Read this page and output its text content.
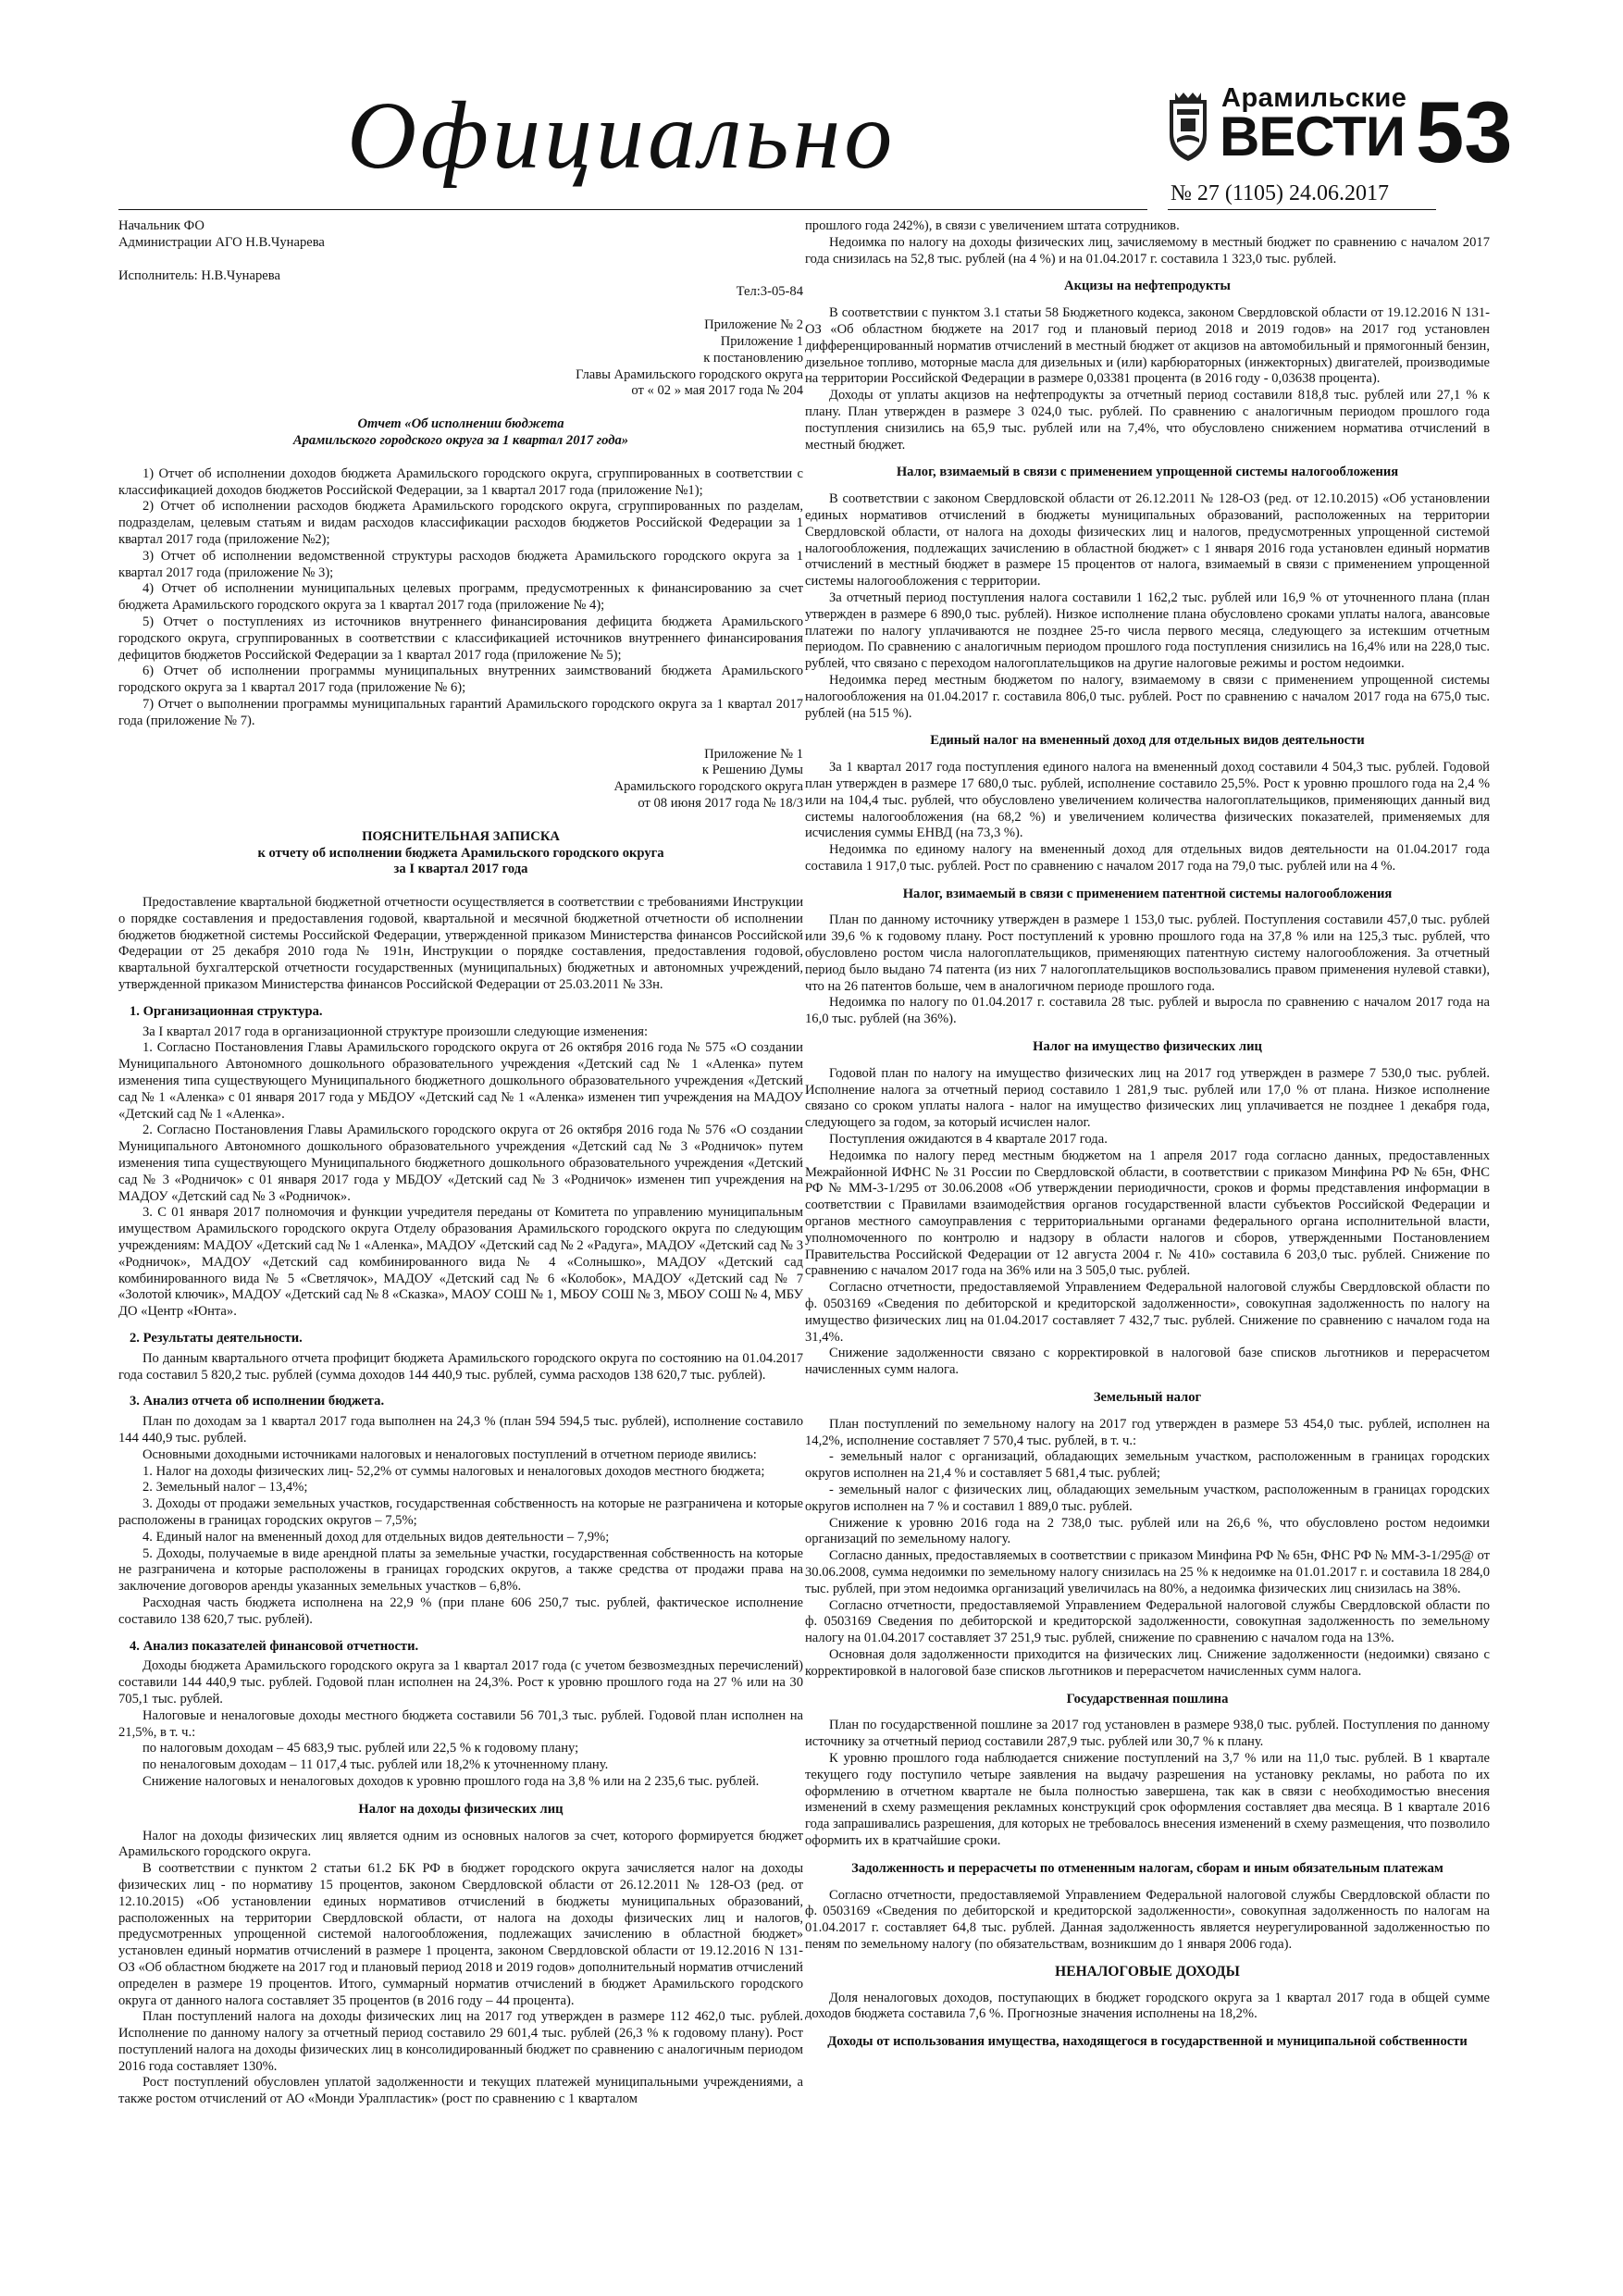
Официально	Арамильские
ВЕСТИ 53
№ 27 (1105) 24.06.2017

Начальник ФО

Администрации АГО Н.В.Чунарева

Исполнитель: Н.В.Чунарева

Тел:3-05-84

Приложение № 2

Приложение 1

к постановлению

Главы Арамильского городского округа

от « 02 » мая 2017 года № 204

Отчет «Об исполнении бюджета

Арамильского городского округа за 1 квартал 2017 года»

1) Отчет об исполнении доходов бюджета Арамильского городского округа, сгруппированных в соответствии с классификацией доходов бюджетов Российской Федерации, за 1 квартал 2017 года (приложение №1);

2) Отчет об исполнении расходов бюджета Арамильского городского округа, сгруппированных по разделам, подразделам, целевым статьям и видам расходов классификации расходов бюджетов Российской Федерации за 1 квартал 2017 года (приложение №2);

3) Отчет об исполнении ведомственной структуры расходов бюджета Арамильского городского округа за 1 квартал 2017 года (приложение № 3);

4) Отчет об исполнении муниципальных целевых программ, предусмотренных к финансированию за счет бюджета Арамильского городского округа за 1 квартал 2017 года (приложение № 4);

5) Отчет о поступлениях из источников внутреннего финансирования дефицита бюджета Арамильского городского округа, сгруппированных в соответствии с классификацией источников внутреннего финансирования дефицитов бюджетов Российской Федерации за 1 квартал 2017 года (приложение № 5);

6) Отчет об исполнении программы муниципальных внутренних заимствований бюджета Арамильского городского округа за 1 квартал 2017 года (приложение № 6);

7) Отчет о выполнении программы муниципальных гарантий Арамильского городского округа за 1 квартал 2017 года (приложение № 7).

Приложение № 1

к Решению Думы

Арамильского городского округа

от 08 июня 2017 года № 18/3

ПОЯСНИТЕЛЬНАЯ ЗАПИСКА

к отчету об исполнении бюджета Арамильского городского округа

за I квартал 2017 года

Предоставление квартальной бюджетной отчетности осуществляется в соответствии с требованиями Инструкции о порядке составления и предоставления годовой, квартальной и месячной бюджетной отчетности об исполнении бюджетов бюджетной системы Российской Федерации, утвержденной приказом Министерства финансов Российской Федерации от 25 декабря 2010 года № 191н, Инструкции о порядке составления, предоставления годовой, квартальной бухгалтерской отчетности государственных (муниципальных) бюджетных и автономных учреждений, утвержденной приказом Министерства финансов Российской Федерации от 25.03.2011 № 33н.

1. Организационная структура.

За I квартал 2017 года в организационной структуре произошли следующие изменения:

1. Согласно Постановления Главы Арамильского городского округа от 26 октября 2016 года № 575 «О создании Муниципального Автономного дошкольного образовательного учреждения «Детский сад № 1 «Аленка» путем изменения типа существующего Муниципального бюджетного дошкольного образовательного учреждения «Детский сад № 1 «Аленка» с 01 января 2017 года у МБДОУ «Детский сад № 1 «Аленка» изменен тип учреждения на МАДОУ «Детский сад № 1 «Аленка».

2. Согласно Постановления Главы Арамильского городского округа от 26 октября 2016 года № 576 «О создании Муниципального Автономного дошкольного образовательного учреждения «Детский сад № 3 «Родничок» путем изменения типа существующего Муниципального бюджетного дошкольного образовательного учреждения «Детский сад № 3 «Родничок» с 01 января 2017 года у МБДОУ «Детский сад № 3 «Родничок» изменен тип учреждения на МАДОУ «Детский сад № 3 «Родничок».

3. С 01 января 2017 полномочия и функции учредителя переданы от Комитета по управлению муниципальным имуществом Арамильского городского округа Отделу образования Арамильского городского округа по следующим учреждениям: МАДОУ «Детский сад № 1 «Аленка», МАДОУ «Детский сад № 2 «Радуга», МАДОУ «Детский сад № 3 «Родничок», МАДОУ «Детский сад комбинированного вида № 4 «Солнышко», МАДОУ «Детский сад комбинированного вида № 5 «Светлячок», МАДОУ «Детский сад № 6 «Колобок», МАДОУ «Детский сад № 7 «Золотой ключик», МАДОУ «Детский сад № 8 «Сказка», МАОУ СОШ № 1, МБОУ СОШ № 3, МБОУ СОШ № 4, МБУ ДО «Центр «Юнта».

2. Результаты деятельности.

По данным квартального отчета профицит бюджета Арамильского городского округа по состоянию на 01.04.2017 года составил 5 820,2 тыс. рублей (сумма доходов 144 440,9 тыс. рублей, сумма расходов 138 620,7 тыс. рублей).

3. Анализ отчета об исполнении бюджета.

План по доходам за 1 квартал 2017 года выполнен на 24,3 % (план 594 594,5 тыс. рублей), исполнение составило 144 440,9 тыс. рублей.

Основными доходными источниками налоговых и неналоговых поступлений в отчетном периоде явились:

1. Налог на доходы физических лиц- 52,2% от суммы налоговых и неналоговых доходов местного бюджета;

2. Земельный налог – 13,4%;

3. Доходы от продажи земельных участков, государственная собственность на которые не разграничена и которые расположены в границах городских округов – 7,5%;

4. Единый налог на вмененный доход для отдельных видов деятельности – 7,9%;

5. Доходы, получаемые в виде арендной платы за земельные участки, государственная собственность на которые не разграничена и которые расположены в границах городских округов, а также средства от продажи права на заключение договоров аренды указанных земельных участков – 6,8%.

Расходная часть бюджета исполнена на 22,9 % (при плане 606 250,7 тыс. рублей, фактическое исполнение составило 138 620,7 тыс. рублей).

4. Анализ показателей финансовой отчетности.

Доходы бюджета Арамильского городского округа за 1 квартал 2017 года (с учетом безвозмездных перечислений) составили 144 440,9 тыс. рублей. Годовой план исполнен на 24,3%. Рост к уровню прошлого года на 27 % или на 30 705,1 тыс. рублей.

Налоговые и неналоговые доходы местного бюджета составили 56 701,3 тыс. рублей. Годовой план исполнен на 21,5%, в т. ч.:

по налоговым доходам – 45 683,9 тыс. рублей или 22,5 % к годовому плану;

по неналоговым доходам – 11 017,4 тыс. рублей или 18,2% к уточненному плану.

Снижение налоговых и неналоговых доходов к уровню прошлого года на 3,8 % или на 2 235,6 тыс. рублей.

Налог на доходы физических лиц

Налог на доходы физических лиц является одним из основных налогов за счет, которого формируется бюджет Арамильского городского округа.

В соответствии с пунктом 2 статьи 61.2 БК РФ в бюджет городского округа зачисляется налог на доходы физических лиц - по нормативу 15 процентов, законом Свердловской области от 26.12.2011 № 128-ОЗ (ред. от 12.10.2015) «Об установлении единых нормативов отчислений в бюджеты муниципальных образований, расположенных на территории Свердловской области, от налога на доходы физических лиц и налогов, предусмотренных упрощенной системой налогообложения, подлежащих зачислению в областной бюджет» установлен единый норматив отчислений в размере 1 процента, законом Свердловской области от 19.12.2016 N 131-ОЗ «Об областном бюджете на 2017 год и плановый период 2018 и 2019 годов» дополнительный норматив отчислений определен в размере 19 процентов. Итого, суммарный норматив отчислений в бюджет Арамильского городского округа от данного налога составляет 35 процентов (в 2016 году – 44 процента).

План поступлений налога на доходы физических лиц на 2017 год утвержден в размере 112 462,0 тыс. рублей. Исполнение по данному налогу за отчетный период составило 29 601,4 тыс. рублей (26,3 % к годовому плану). Рост поступлений налога на доходы физических лиц в консолидированный бюджет по сравнению с аналогичным периодом 2016 года составляет 130%.

Рост поступлений обусловлен уплатой задолженности и текущих платежей муниципальными учреждениями, а также ростом отчислений от АО «Монди Уралпластик» (рост по сравнению с 1 кварталом

прошлого года 242%), в связи с увеличением штата сотрудников.

Недоимка по налогу на доходы физических лиц, зачисляемому в местный бюджет по сравнению с началом 2017 года снизилась на 52,8 тыс. рублей (на 4 %) и на 01.04.2017 г. составила 1 323,0 тыс. рублей.

Акцизы на нефтепродукты

В соответствии с пунктом 3.1 статьи 58 Бюджетного кодекса, законом Свердловской области от 19.12.2016 N 131-ОЗ «Об областном бюджете на 2017 год и плановый период 2018 и 2019 годов» на 2017 год установлен дифференцированный норматив отчислений в местный бюджет от акцизов на автомобильный и прямогонный бензин, дизельное топливо, моторные масла для дизельных и (или) карбюраторных (инжекторных) двигателей, производимые на территории Российской Федерации в размере 0,03381 процента (в 2016 году - 0,03638 процента).

Доходы от уплаты акцизов на нефтепродукты за отчетный период составили 818,8 тыс. рублей или 27,1 % к плану. План утвержден в размере 3 024,0 тыс. рублей. По сравнению с аналогичным периодом прошлого года поступления снизились на 65,9 тыс. рублей или на 7,4%, что обусловлено снижением норматива отчислений в местный бюджет.

Налог, взимаемый в связи с применением упрощенной системы налогообложения

В соответствии с законом Свердловской области от 26.12.2011 № 128-ОЗ (ред. от 12.10.2015) «Об установлении единых нормативов отчислений в бюджеты муниципальных образований, расположенных на территории Свердловской области, от налога на доходы физических лиц и налогов, предусмотренных упрощенной системой налогообложения, подлежащих зачислению в областной бюджет» с 1 января 2016 года установлен единый норматив отчислений в местный бюджет в размере 15 процентов от налога, взимаемый в связи с применением упрощенной системы налогообложения с территории.

За отчетный период поступления налога составили 1 162,2 тыс. рублей или 16,9 % от уточненного плана (план утвержден в размере 6 890,0 тыс. рублей). Низкое исполнение плана обусловлено сроками уплаты налога, авансовые платежи по налогу уплачиваются не позднее 25-го числа первого месяца, следующего за истекшим отчетным периодом. По сравнению с аналогичным периодом прошлого года поступления снизились на 16,4% или на 228,0 тыс. рублей, что связано с переходом налогоплательщиков на другие налоговые режимы и ростом недоимки.

Недоимка перед местным бюджетом по налогу, взимаемому в связи с применением упрощенной системы налогообложения на 01.04.2017 г. составила 806,0 тыс. рублей. Рост по сравнению с началом 2017 года на 675,0 тыс. рублей (на 515 %).

Единый налог на вмененный доход для отдельных видов деятельности

За 1 квартал 2017 года поступления единого налога на вмененный доход составили 4 504,3 тыс. рублей. Годовой план утвержден в размере 17 680,0 тыс. рублей, исполнение составило 25,5%. Рост к уровню прошлого года на 2,4 % или на 104,4 тыс. рублей, что обусловлено увеличением количества налогоплательщиков, применяющих данный вид системы налогообложения (на 68,2 %) и увеличением количества физических показателей, применяемых для исчисления суммы ЕНВД (на 73,3 %).

Недоимка по единому налогу на вмененный доход для отдельных видов деятельности на 01.04.2017 года составила 1 917,0 тыс. рублей. Рост по сравнению с началом 2017 года на 79,0 тыс. рублей или на 4 %.

Налог, взимаемый в связи с применением патентной системы налогообложения

План по данному источнику утвержден в размере 1 153,0 тыс. рублей. Поступления составили 457,0 тыс. рублей или 39,6 % к годовому плану. Рост поступлений к уровню прошлого года на 37,8 % или на 125,3 тыс. рублей, что обусловлено ростом числа налогоплательщиков, применяющих патентную систему налогообложения. За отчетный период было выдано 74 патента (из них 7 налогоплательщиков воспользовались правом применения нулевой ставки), что на 26 патентов больше, чем в аналогичном периоде прошлого года.

Недоимка по налогу по 01.04.2017 г. составила 28 тыс. рублей и выросла по сравнению с началом 2017 года на 16,0 тыс. рублей (на 36%).

Налог на имущество физических лиц

Годовой план по налогу на имущество физических лиц на 2017 год утвержден в размере 7 530,0 тыс. рублей. Исполнение налога за отчетный период составило 1 281,9 тыс. рублей или 17,0 % от плана. Низкое исполнение связано со сроком уплаты налога - налог на имущество физических лиц уплачивается не позднее 1 декабря года, следующего за годом, за который исчислен налог.

Поступления ожидаются в 4 квартале 2017 года.

Недоимка по налогу перед местным бюджетом на 1 апреля 2017 года согласно данных, предоставленных Межрайонной ИФНС № 31 России по Свердловской области, в соответствии с приказом Минфина РФ № 65н, ФНС РФ № ММ-3-1/295 от 30.06.2008 «Об утверждении периодичности, сроков и формы представления информации в соответствии с Правилами взаимодействия органов государственной власти субъектов Российской Федерации и органов местного самоуправления с территориальными органами федерального органа исполнительной власти, уполномоченного по контролю и надзору в области налогов и сборов, утвержденными Постановлением Правительства Российской Федерации от 12 августа 2004 г. № 410» составила 6 203,0 тыс. рублей. Снижение по сравнению с началом 2017 года на 36% или на 3 505,0 тыс. рублей.

Согласно отчетности, предоставляемой Управлением Федеральной налоговой службы Свердловской области по ф. 0503169 «Сведения по дебиторской и кредиторской задолженности», совокупная задолженность по налогу на имущество физических лиц на 01.04.2017 составляет 7 432,7 тыс. рублей. Снижение по сравнению с началом года на 31,4%.

Снижение задолженности связано с корректировкой в налоговой базе списков льготников и перерасчетом начисленных сумм налога.

Земельный налог

План поступлений по земельному налогу на 2017 год утвержден в размере 53 454,0 тыс. рублей, исполнен на 14,2%, исполнение составляет 7 570,4 тыс. рублей, в т. ч.:

- земельный налог с организаций, обладающих земельным участком, расположенным в границах городских округов исполнен на 21,4 % и составляет 5 681,4 тыс. рублей;

- земельный налог с физических лиц, обладающих земельным участком, расположенным в границах городских округов исполнен на 7 % и составил 1 889,0 тыс. рублей.

Снижение к уровню 2016 года на 2 738,0 тыс. рублей или на 26,6 %, что обусловлено ростом недоимки организаций по земельному налогу.

Согласно данных, предоставляемых в соответствии с приказом Минфина РФ № 65н, ФНС РФ № ММ-3-1/295@ от 30.06.2008, сумма недоимки по земельному налогу снизилась на 25 % к недоимке на 01.01.2017 г. и составила 18 284,0 тыс. рублей, при этом недоимка организаций увеличилась на 80%, а недоимка физических лиц снизилась на 38%.

Согласно отчетности, предоставляемой Управлением Федеральной налоговой службы Свердловской области по ф. 0503169 Сведения по дебиторской и кредиторской задолженности, совокупная задолженность по земельному налогу на 01.04.2017 составляет 37 251,9 тыс. рублей, снижение по сравнению с началом года на 13%.

Основная доля задолженности приходится на физических лиц. Снижение задолженности (недоимки) связано с корректировкой в налоговой базе списков льготников и перерасчетом начисленных сумм налога.

Государственная пошлина

План по государственной пошлине за 2017 год установлен в размере 938,0 тыс. рублей. Поступления по данному источнику за отчетный период составили 287,9 тыс. рублей или 30,7 % к плану.

К уровню прошлого года наблюдается снижение поступлений на 3,7 % или на 11,0 тыс. рублей. В 1 квартале текущего году поступило четыре заявления на выдачу разрешения на установку рекламы, но работа по их оформлению в отчетном квартале не была полностью завершена, так как в связи с необходимостью внесения изменений в схему размещения рекламных конструкций срок оформления составляет два месяца. В 1 квартале 2016 года запрашивались разрешения, для которых не требовалось внесения изменений в схему размещения, что позволило оформить их в кратчайшие сроки.

Задолженность и перерасчеты по отмененным налогам, сборам и иным обязательным платежам

Согласно отчетности, предоставляемой Управлением Федеральной налоговой службы Свердловской области по ф. 0503169 «Сведения по дебиторской и кредиторской задолженности», совокупная задолженность по налогам на 01.04.2017 г. составляет 64,8 тыс. рублей. Данная задолженность является неурегулированной задолженностью по пеням по земельному налогу (по обязательствам, возникшим до 1 января 2006 года).

НЕНАЛОГОВЫЕ ДОХОДЫ

Доля неналоговых доходов, поступающих в бюджет городского округа за 1 квартал 2017 года в общей сумме доходов бюджета составила 7,6 %. Прогнозные значения исполнены на 18,2%.

Доходы от использования имущества, находящегося в государственной и муниципальной собственности
